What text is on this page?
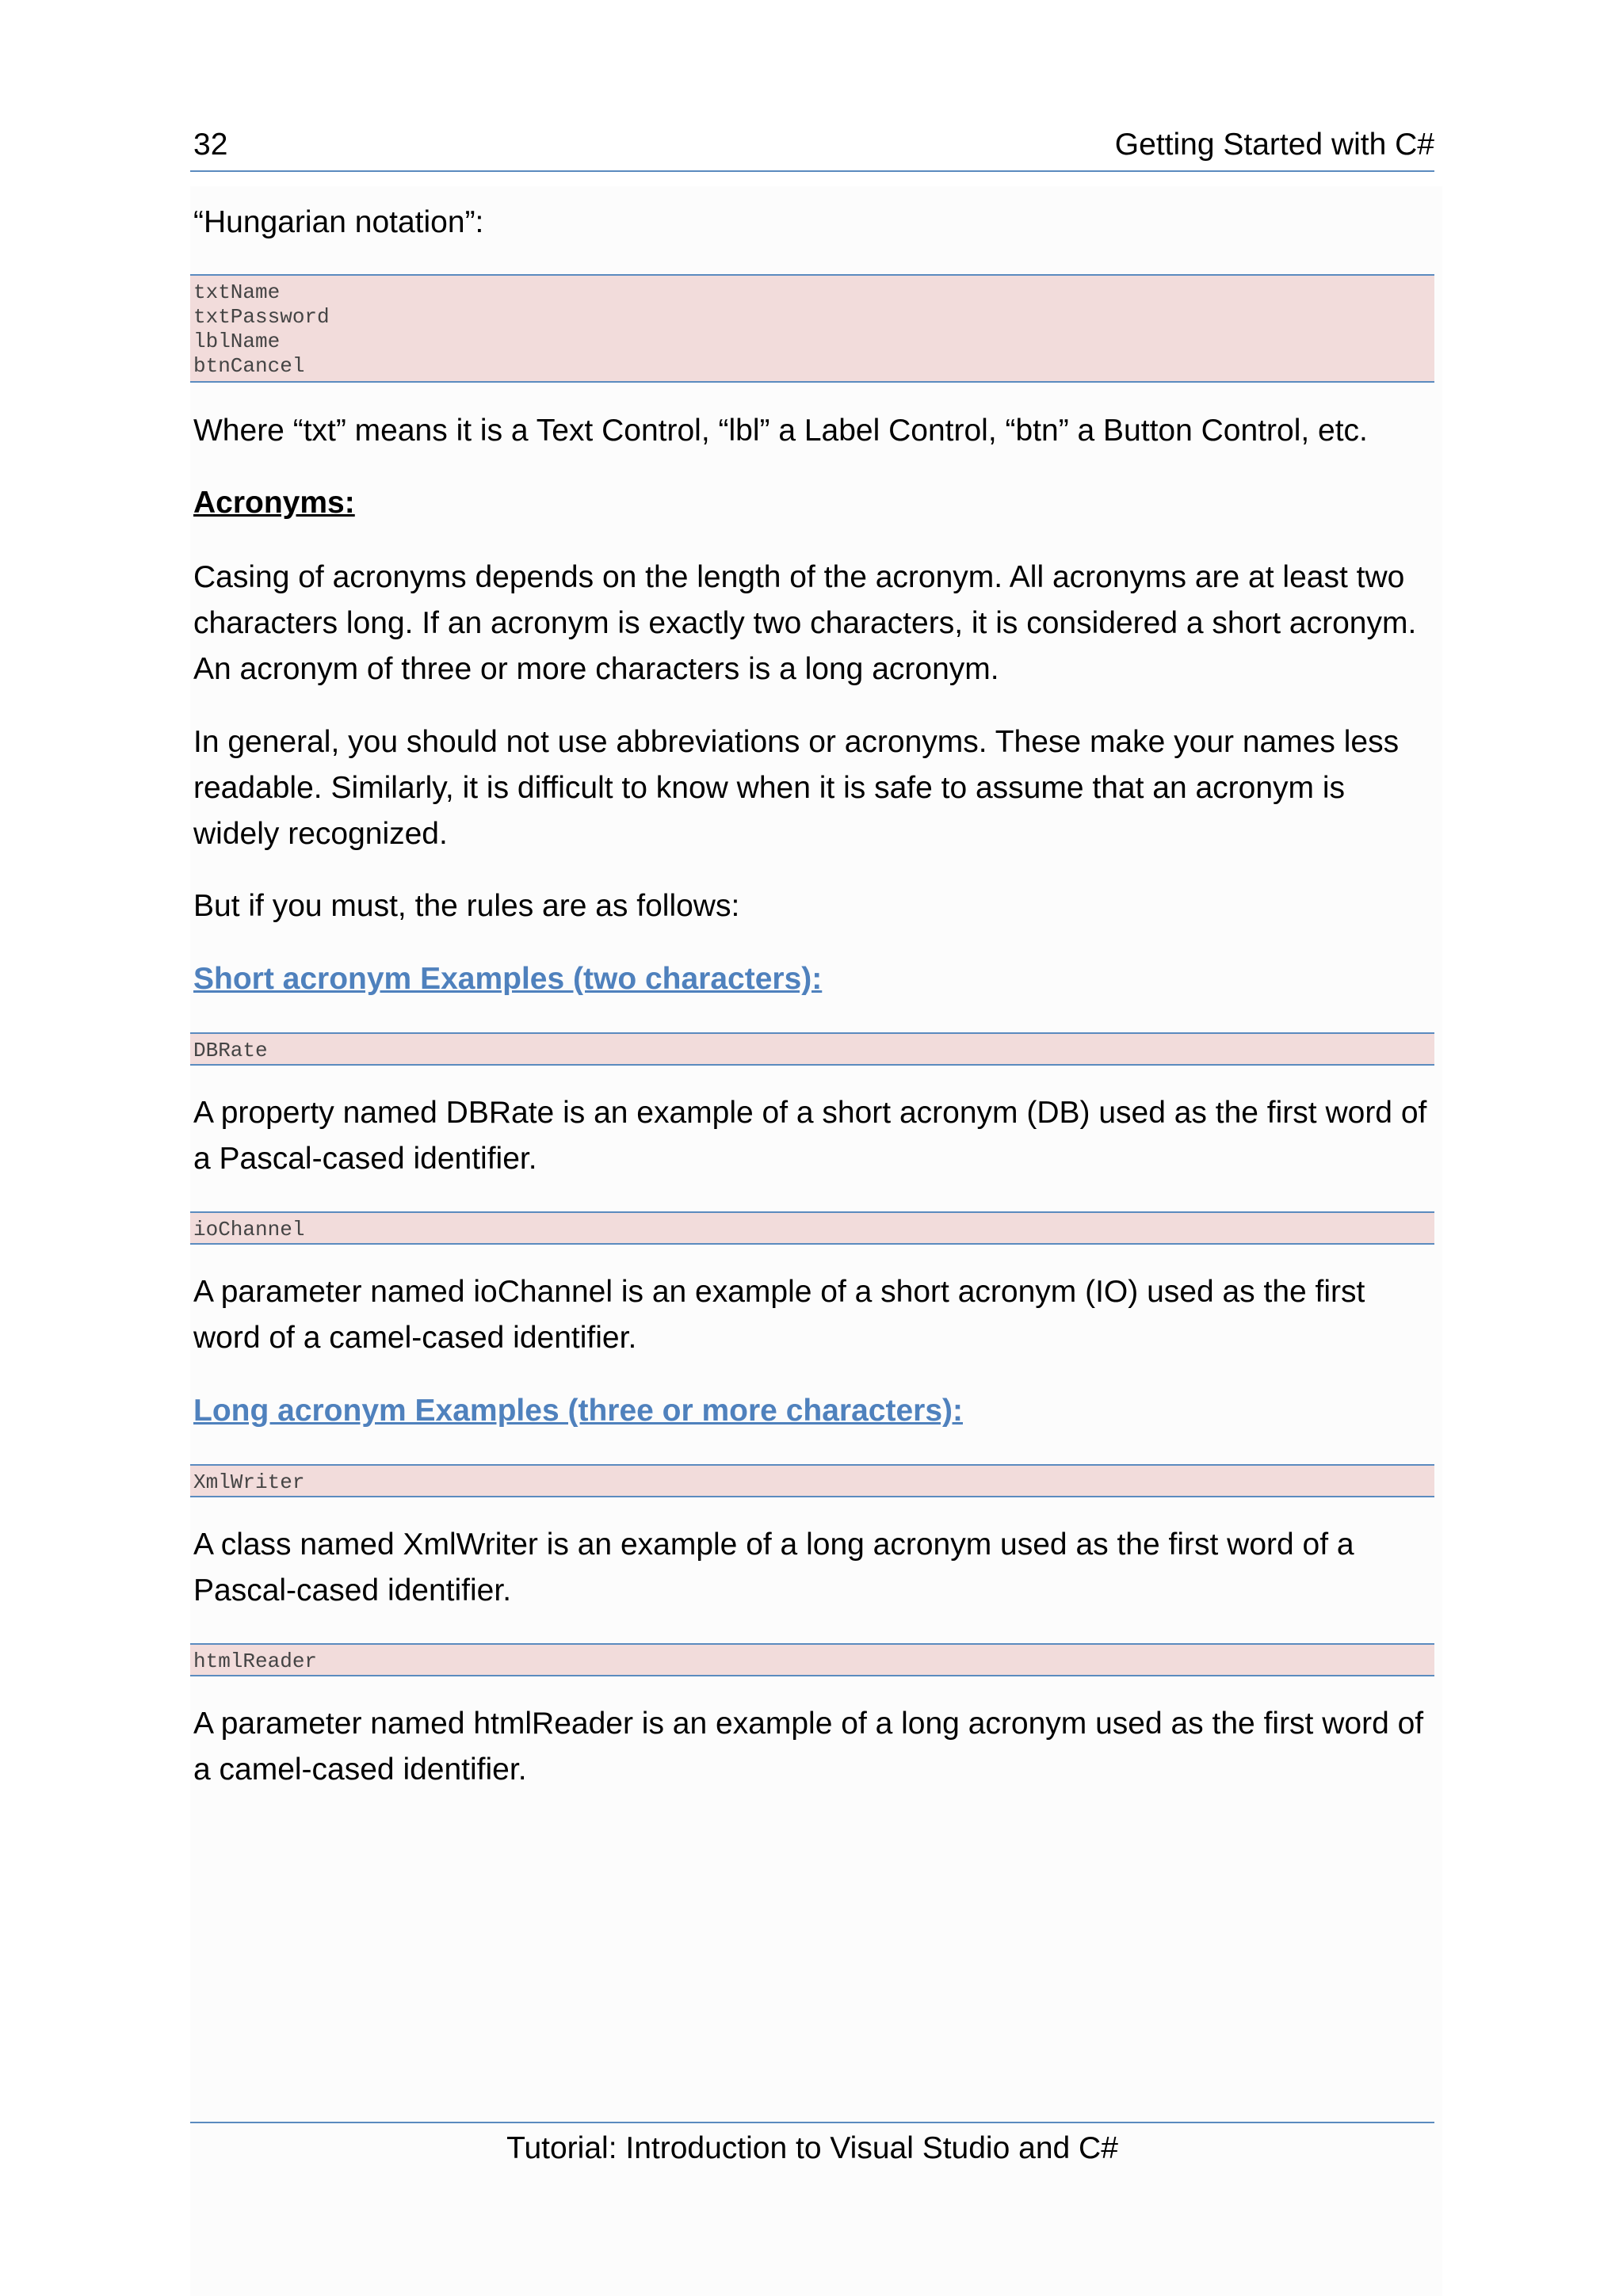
32	Getting Started with C#

“Hungarian notation”:

txtName
txtPassword
lblName
btnCancel

Where “txt” means it is a Text Control, “lbl” a Label Control, “btn” a Button Control, etc.

Acronyms:

Casing of acronyms depends on the length of the acronym. All acronyms are at least two characters long. If an acronym is exactly two characters, it is considered a short acronym. An acronym of three or more characters is a long acronym.

In general, you should not use abbreviations or acronyms. These make your names less readable. Similarly, it is difficult to know when it is safe to assume that an acronym is widely recognized.

But if you must, the rules are as follows:

Short acronym Examples (two characters):

DBRate

A property named DBRate is an example of a short acronym (DB) used as the first word of a Pascal-cased identifier.

ioChannel

A parameter named ioChannel is an example of a short acronym (IO) used as the first word of a camel-cased identifier.

Long acronym Examples (three or more characters):

XmlWriter

A class named XmlWriter is an example of a long acronym used as the first word of a Pascal-cased identifier.

htmlReader

A parameter named htmlReader is an example of a long acronym used as the first word of a camel-cased identifier.

Tutorial: Introduction to Visual Studio and C#
